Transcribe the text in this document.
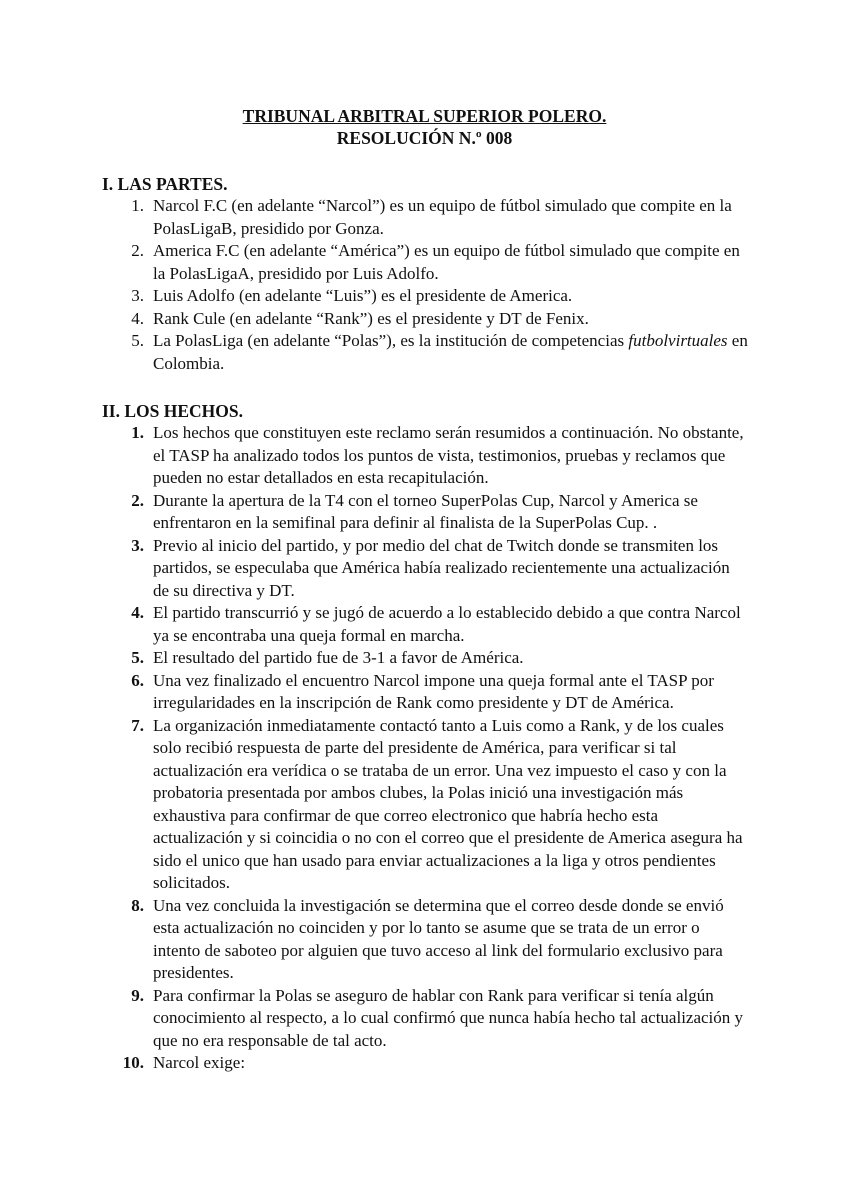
TRIBUNAL ARBITRAL SUPERIOR POLERO.

RESOLUCIÓN N.º 008

I. LAS PARTES.

1. Narcol F.C (en adelante “Narcol”) es un equipo de fútbol simulado que compite en la PolasLigaB, presidido por Gonza.
2. America F.C (en adelante “América”) es un equipo de fútbol simulado que compite en la PolasLigaA, presidido por Luis Adolfo.
3. Luis Adolfo (en adelante “Luis”) es el presidente de America.
4. Rank Cule (en adelante “Rank”) es el presidente y DT de Fenix.
5. La PolasLiga (en adelante “Polas”), es la institución de competencias futbolvirtuales en Colombia.

II. LOS HECHOS.

1. Los hechos que constituyen este reclamo serán resumidos a continuación. No obstante, el TASP ha analizado todos los puntos de vista, testimonios, pruebas y reclamos que pueden no estar detallados en esta recapitulación.
2. Durante la apertura de la T4 con el torneo SuperPolas Cup, Narcol y America se enfrentaron en la semifinal para definir al finalista de la SuperPolas Cup. .
3. Previo al inicio del partido, y por medio del chat de Twitch donde se transmiten los partidos, se especulaba que América había realizado recientemente una actualización de su directiva y DT.
4. El partido transcurrió y se jugó de acuerdo a lo establecido debido a que contra Narcol ya se encontraba una queja formal en marcha.
5. El resultado del partido fue de 3-1 a favor de América.
6. Una vez finalizado el encuentro Narcol impone una queja formal ante el TASP por irregularidades en la inscripción de Rank como presidente y DT de América.
7. La organización inmediatamente contactó tanto a Luis como a Rank, y de los cuales solo recibió respuesta de parte del presidente de América, para verificar si tal actualización era verídica o se trataba de un error. Una vez impuesto el caso y con la probatoria presentada por ambos clubes, la Polas inició una investigación más exhaustiva para confirmar de que correo electronico que habría hecho esta actualización y si coincidia o no con el correo que el presidente de America asegura ha sido el unico que han usado para enviar actualizaciones a la liga y otros pendientes solicitados.
8. Una vez concluida la investigación se determina que el correo desde donde se envió esta actualización no coinciden y por lo tanto se asume que se trata de un error o intento de saboteo por alguien que tuvo acceso al link del formulario exclusivo para presidentes.
9. Para confirmar la Polas se aseguro de hablar con Rank para verificar si tenía algún conocimiento al respecto, a lo cual confirmó que nunca había hecho tal actualización y que no era responsable de tal acto.
10. Narcol exige:
